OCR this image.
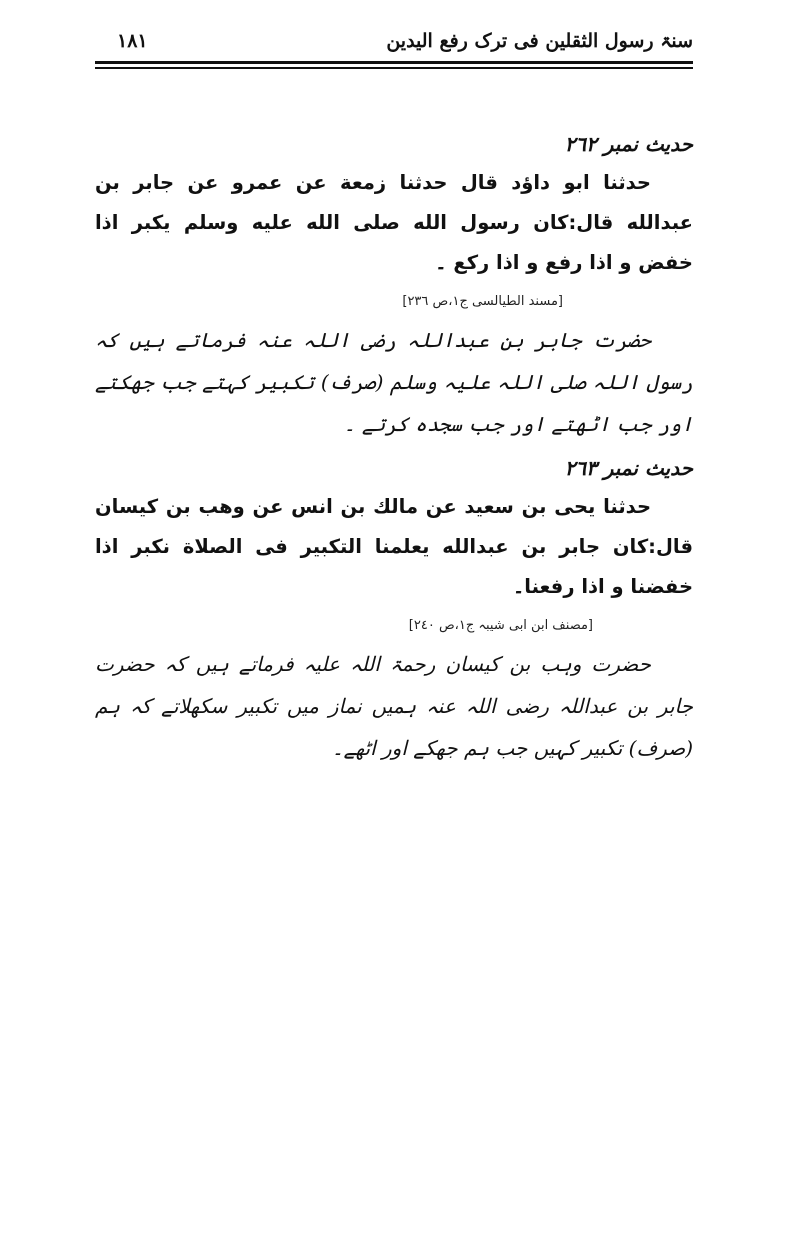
سنۃ رسول الثقلین فی ترک رفع الیدین
۱۸۱
حدیث نمبر ۲٦۲

حدثنا ابو داؤد قال حدثنا زمعة عن عمرو عن جابر بن عبدالله قال:كان رسول الله صلى الله عليه وسلم يكبر اذا خفض و اذا رفع و اذا ركع ۔

[مسند الطیالسی ج١،ص ٢٣٦]

حضرت جابر بن عبداللہ رضی اللہ عنہ فرماتے ہیں کہ رسول اللہ صلی اللہ علیہ وسلم (صرف) تکبیر کہتے جب جھکتے اور جب اٹھتے اور جب سجدہ کرتے ۔

حدیث نمبر ۲٦۳

حدثنا يحى بن سعيد عن مالك بن انس عن وهب بن كيسان قال:كان جابر بن عبدالله يعلمنا التكبير فى الصلاة نكبر اذا خفضنا و اذا رفعنا۔

[مصنف ابن ابی شیبہ ج١،ص ٢٤٠]

حضرت وہب بن کیسان رحمۃ اللہ علیہ فرماتے ہیں کہ حضرت جابر بن عبداللہ رضی اللہ عنہ ہمیں نماز میں تکبیر سکھلاتے کہ ہم (صرف) تکبیر کہیں جب ہم جھکے اور اٹھے۔
